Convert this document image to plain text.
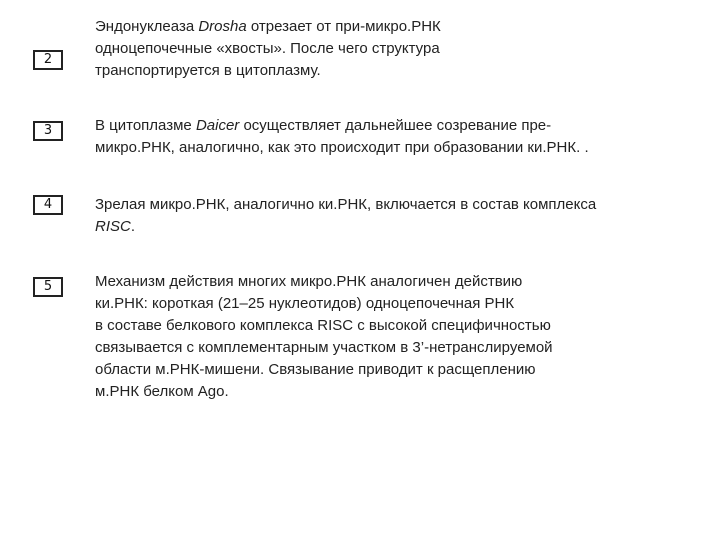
2
Эндонуклеаза Drosha отрезает от при-микро.РНК
одноцепочечные «хвосты». После чего структура
транспортируется в цитоплазму.
3	В цитоплазме Daicer осуществляет дальнейшее созревание пре-
микро.РНК, аналогично, как это происходит при образовании ки.РНК. .
4	Зрелая микро.РНК, аналогично ки.РНК, включается в состав комплекса
RISC.
5	Механизм действия многих микро.РНК аналогичен действию
ки.РНК: короткая (21–25 нуклеотидов) одноцепочечная РНК
в составе белкового комплекса RISC с высокой специфичностью
связывается с комплементарным участком в 3’-нетранслируемой
области м.РНК-мишени. Связывание приводит к расщеплению
м.РНК белком Ago.
